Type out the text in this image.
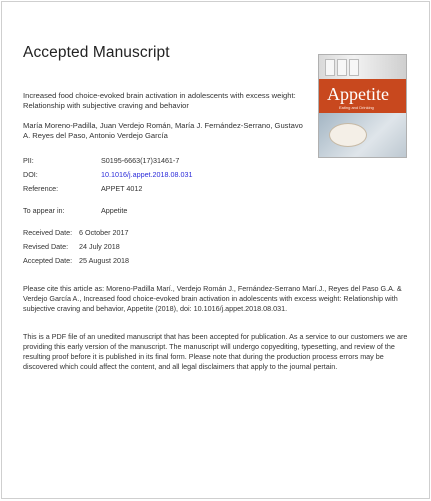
Accepted Manuscript
Appetite
Eating and Drinking
Increased food choice-evoked brain activation in adolescents with excess weight: Relationship with subjective craving and behavior
María Moreno-Padilla, Juan Verdejo Román, María J. Fernández-Serrano, Gustavo A. Reyes del Paso, Antonio Verdejo García
PII:	S0195-6663(17)31461-7
DOI:	10.1016/j.appet.2018.08.031
Reference:	APPET 4012
To appear in:	Appetite
Received Date: 6 October 2017
Revised Date: 24 July 2018
Accepted Date: 25 August 2018
Please cite this article as: Moreno-Padilla Marí., Verdejo Román J., Fernández-Serrano Marí.J., Reyes del Paso G.A. & Verdejo García A., Increased food choice-evoked brain activation in adolescents with excess weight: Relationship with subjective craving and behavior, Appetite (2018), doi: 10.1016/j.appet.2018.08.031.
This is a PDF file of an unedited manuscript that has been accepted for publication. As a service to our customers we are providing this early version of the manuscript. The manuscript will undergo copyediting, typesetting, and review of the resulting proof before it is published in its final form. Please note that during the production process errors may be discovered which could affect the content, and all legal disclaimers that apply to the journal pertain.
